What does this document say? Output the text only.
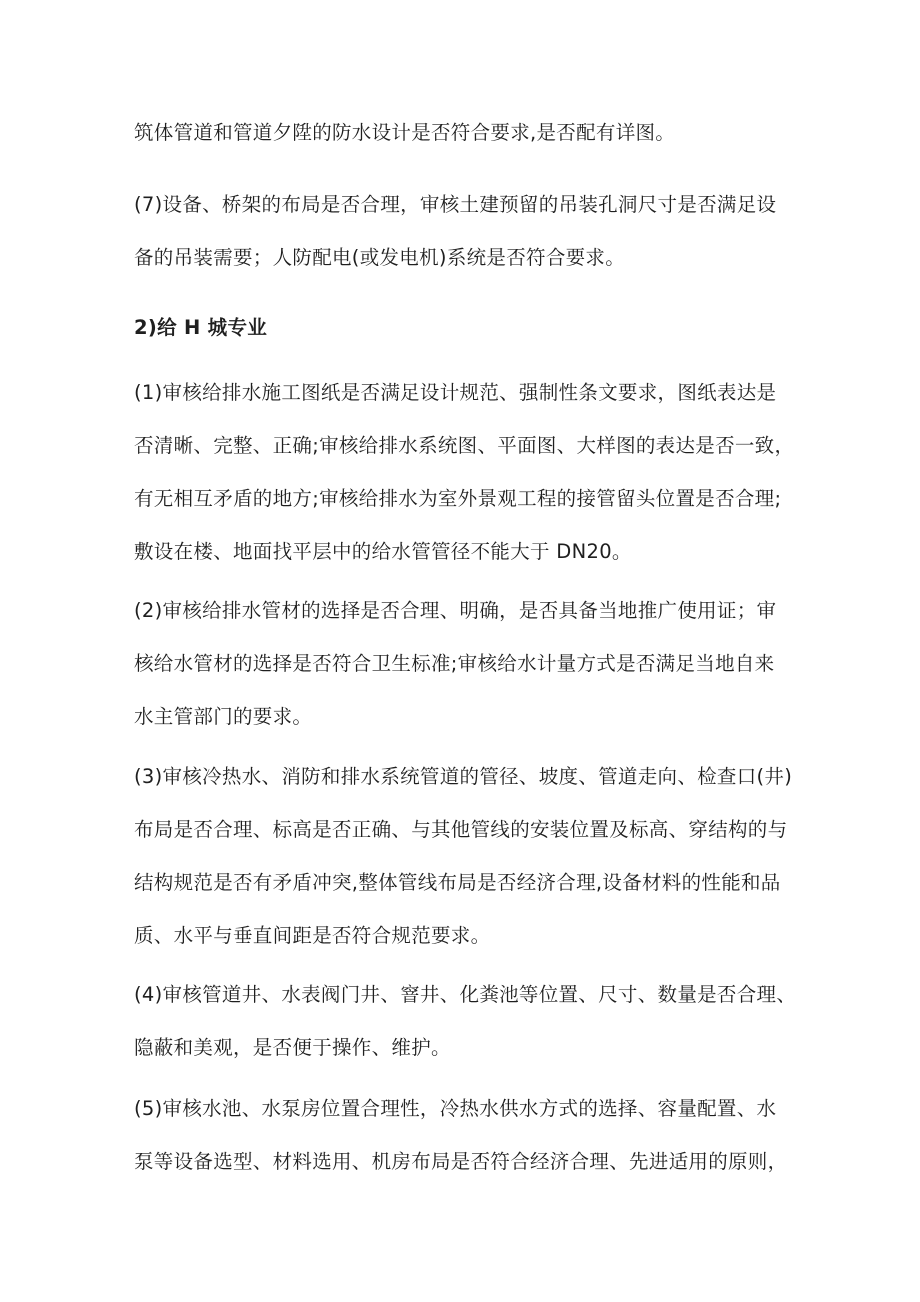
筑体管道和管道夕陞的防水设计是否符合要求,是否配有详图。

(7)设备、桥架的布局是否合理，审核土建预留的吊装孔洞尺寸是否满足设
备的吊装需要；人防配电(或发电机)系统是否符合要求。

2)给 H 城专业

(1)审核给排水施工图纸是否满足设计规范、强制性条文要求，图纸表达是
否清晰、完整、正确;审核给排水系统图、平面图、大样图的表达是否一致，
有无相互矛盾的地方;审核给排水为室外景观工程的接管留头位置是否合理;
敷设在楼、地面找平层中的给水管管径不能大于 DN20。

(2)审核给排水管材的选择是否合理、明确，是否具备当地推广使用证；审
核给水管材的选择是否符合卫生标准;审核给水计量方式是否满足当地自来
水主管部门的要求。

(3)审核冷热水、消防和排水系统管道的管径、坡度、管道走向、检查口(井)
布局是否合理、标高是否正确、与其他管线的安装位置及标高、穿结构的与
结构规范是否有矛盾冲突,整体管线布局是否经济合理,设备材料的性能和品
质、水平与垂直间距是否符合规范要求。

(4)审核管道井、水表阀门井、窨井、化粪池等位置、尺寸、数量是否合理、
隐蔽和美观，是否便于操作、维护。

(5)审核水池、水泵房位置合理性，冷热水供水方式的选择、容量配置、水
泵等设备选型、材料选用、机房布局是否符合经济合理、先进适用的原则，
